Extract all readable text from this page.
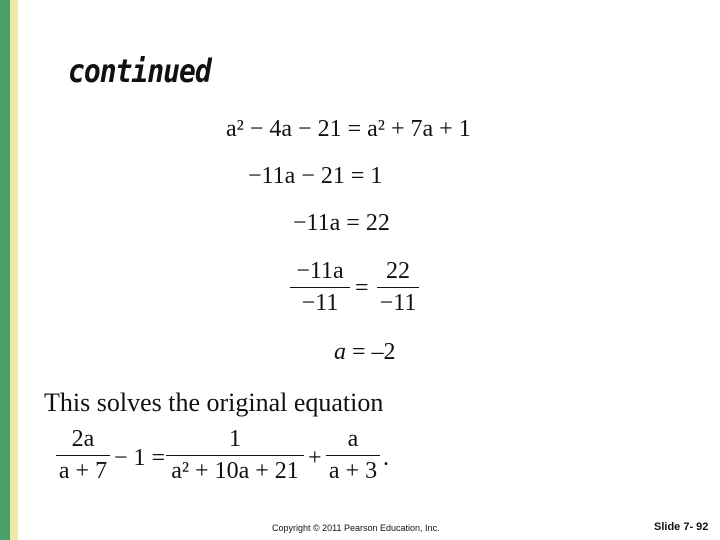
continued
a² − 4a − 21 = a² + 7a + 1
−11a − 21 = 1
−11a = 22
−11a
−11
=
22
−11
a = –2
This solves the original equation
2a
a + 7 − 1 =
1
a² + 10a + 21 +
a
a + 3 .
Copyright © 2011 Pearson Education, Inc.	Slide 7- 92
